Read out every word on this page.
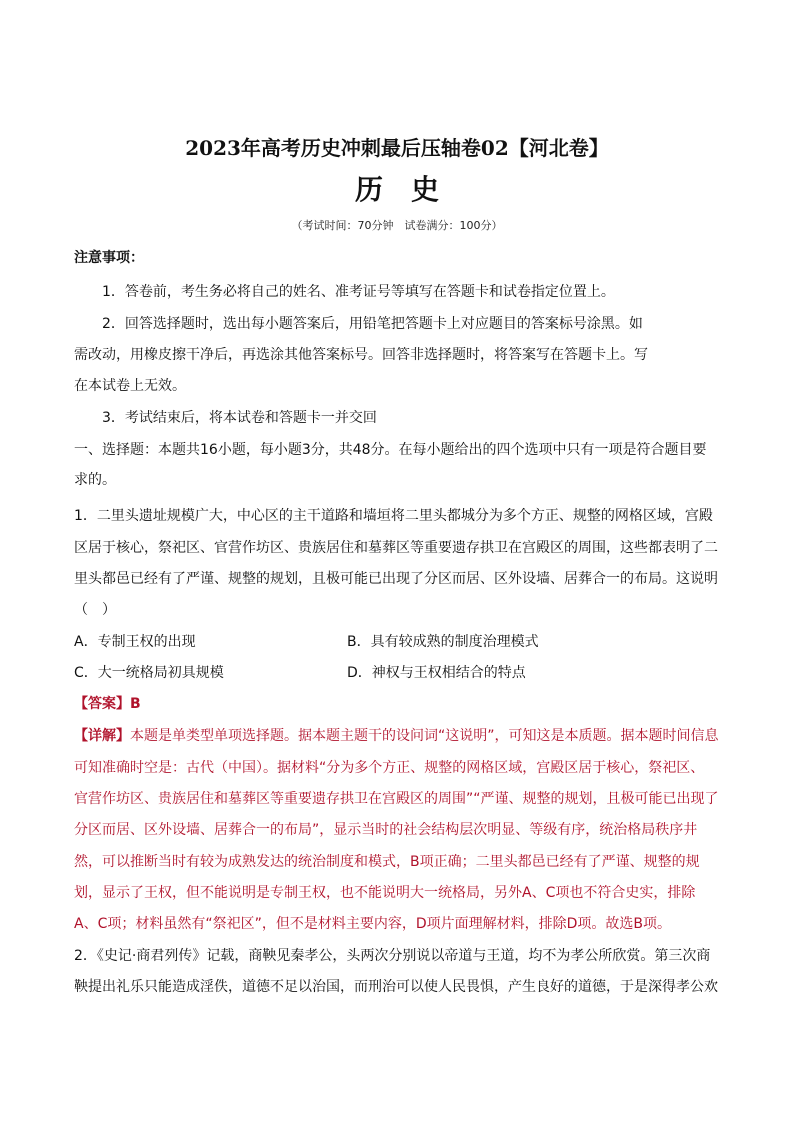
2023年高考历史冲刺最后压轴卷02【河北卷】
历史
（考试时间：70分钟　试卷满分：100分）
注意事项：
1．答卷前，考生务必将自己的姓名、准考证号等填写在答题卡和试卷指定位置上。
2．回答选择题时，选出每小题答案后，用铅笔把答题卡上对应题目的答案标号涂黑。如
需改动，用橡皮擦干净后，再选涂其他答案标号。回答非选择题时，将答案写在答题卡上。写
在本试卷上无效。
3．考试结束后，将本试卷和答题卡一并交回
一、选择题：本题共16小题，每小题3分，共48分。在每小题给出的四个选项中只有一项是符合题目要
求的。
1．二里头遗址规模广大，中心区的主干道路和墙垣将二里头都城分为多个方正、规整的网格区域，宫殿
区居于核心，祭祀区、官营作坊区、贵族居住和墓葬区等重要遗存拱卫在宫殿区的周围，这些都表明了二
里头都邑已经有了严谨、规整的规划，且极可能已出现了分区而居、区外设墙、居葬合一的布局。这说明
（　）
A．专制王权的出现	B．具有较成熟的制度治理模式
C．大一统格局初具规模	D．神权与王权相结合的特点
【答案】B
【详解】本题是单类型单项选择题。据本题主题干的设问词“这说明”，可知这是本质题。据本题时间信息
可知准确时空是：古代（中国）。据材料“分为多个方正、规整的网格区域，宫殿区居于核心，祭祀区、
官营作坊区、贵族居住和墓葬区等重要遗存拱卫在宫殿区的周围”“严谨、规整的规划，且极可能已出现了
分区而居、区外设墙、居葬合一的布局”，显示当时的社会结构层次明显、等级有序，统治格局秩序井
然，可以推断当时有较为成熟发达的统治制度和模式，B项正确；二里头都邑已经有了严谨、规整的规
划，显示了王权，但不能说明是专制王权，也不能说明大一统格局，另外A、C项也不符合史实，排除
A、C项；材料虽然有“祭祀区”，但不是材料主要内容，D项片面理解材料，排除D项。故选B项。
2．《史记·商君列传》记载，商鞅见秦孝公，头两次分别说以帝道与王道，均不为孝公所欣赏。第三次商
鞅提出礼乐只能造成淫佚，道德不足以治国，而刑治可以使人民畏惧，产生良好的道德，于是深得孝公欢
